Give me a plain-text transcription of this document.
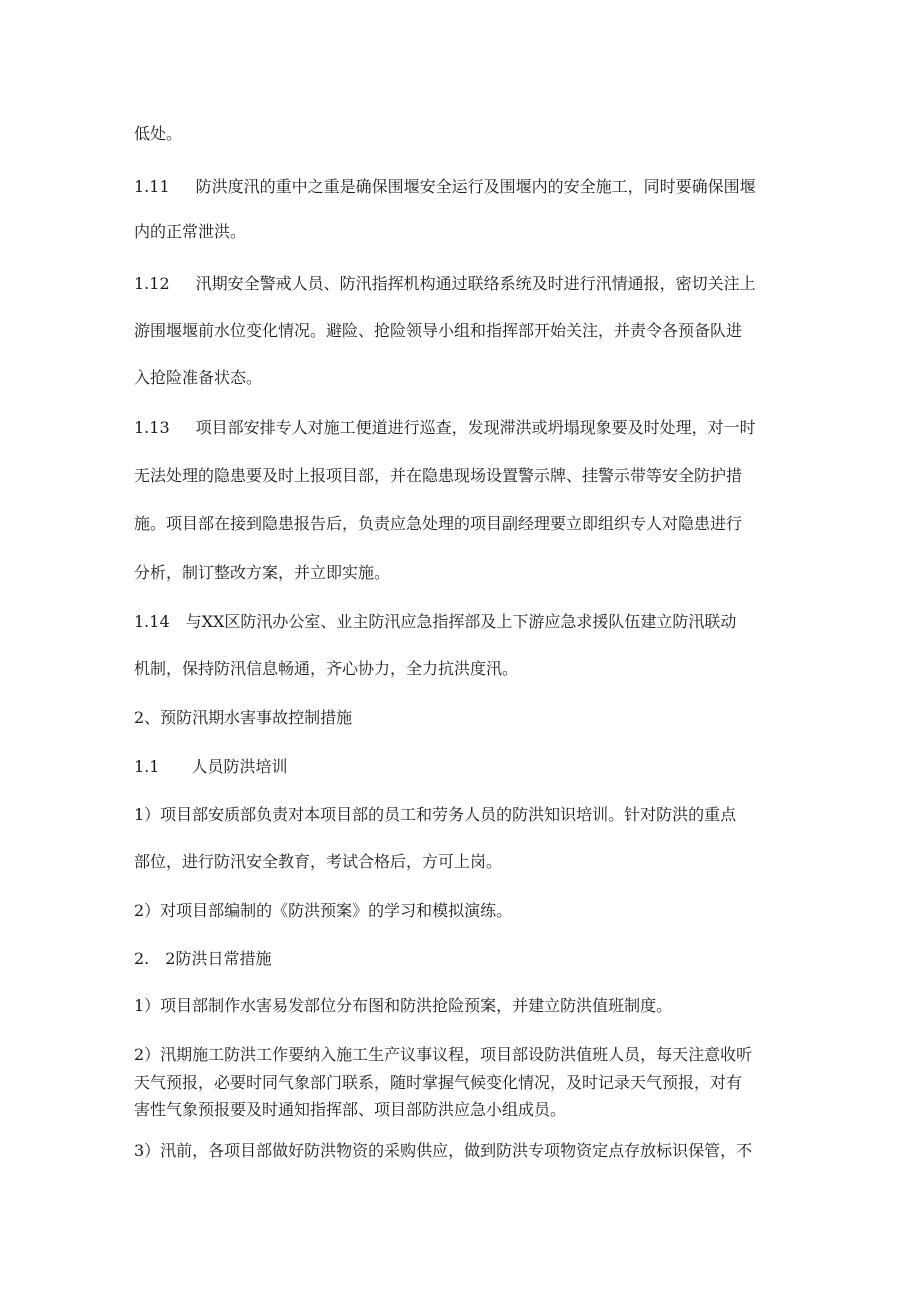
低处。
1.11 防洪度汛的重中之重是确保围堰安全运行及围堰内的安全施工，同时要确保围堰
内的正常泄洪。
1.12 汛期安全警戒人员、防汛指挥机构通过联络系统及时进行汛情通报，密切关注上
游围堰堰前水位变化情况。避险、抢险领导小组和指挥部开始关注，并责令各预备队进
入抢险准备状态。
1.13 项目部安排专人对施工便道进行巡查，发现滞洪或坍塌现象要及时处理，对一时
无法处理的隐患要及时上报项目部，并在隐患现场设置警示牌、挂警示带等安全防护措
施。项目部在接到隐患报告后，负责应急处理的项目副经理要立即组织专人对隐患进行
分析，制订整改方案，并立即实施。
1.14 与XX区防汛办公室、业主防汛应急指挥部及上下游应急求援队伍建立防汛联动
机制，保持防汛信息畅通，齐心协力，全力抗洪度汛。
2、预防汛期水害事故控制措施
1.1 人员防洪培训
1）项目部安质部负责对本项目部的员工和劳务人员的防洪知识培训。针对防洪的重点
部位，进行防汛安全教育，考试合格后，方可上岗。
2）对项目部编制的《防洪预案》的学习和模拟演练。
2. 2防洪日常措施
1）项目部制作水害易发部位分布图和防洪抢险预案，并建立防洪值班制度。
2）汛期施工防洪工作要纳入施工生产议事议程，项目部设防洪值班人员，每天注意收听
天气预报，必要时同气象部门联系，随时掌握气候变化情况，及时记录天气预报，对有
害性气象预报要及时通知指挥部、项目部防洪应急小组成员。
3）汛前，各项目部做好防洪物资的采购供应，做到防洪专项物资定点存放标识保管，不
